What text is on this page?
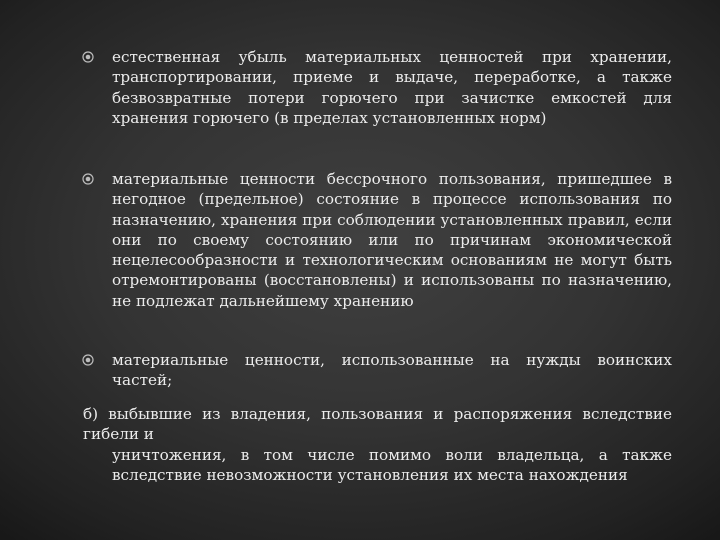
естественная убыль материальных ценностей при хранении, транспортировании, приеме и выдаче, переработке, а также безвозвратные потери горючего при зачистке емкостей для хранения горючего (в пределах установленных норм)
материальные ценности бессрочного пользования, пришедшее в негодное (предельное) состояние в процессе использования по назначению, хранения при соблюдении установленных правил, если они по своему состоянию или по причинам экономической нецелесообразности и технологическим основаниям не могут быть отремонтированы (восстановлены) и использованы по назначению, не подлежат дальнейшему хранению
материальные ценности, использованные на нужды воинских частей;
б) выбывшие из владения, пользования и распоряжения вследствие гибели и
уничтожения, в том числе помимо воли владельца, а также вследствие невозможности установления их места нахождения
